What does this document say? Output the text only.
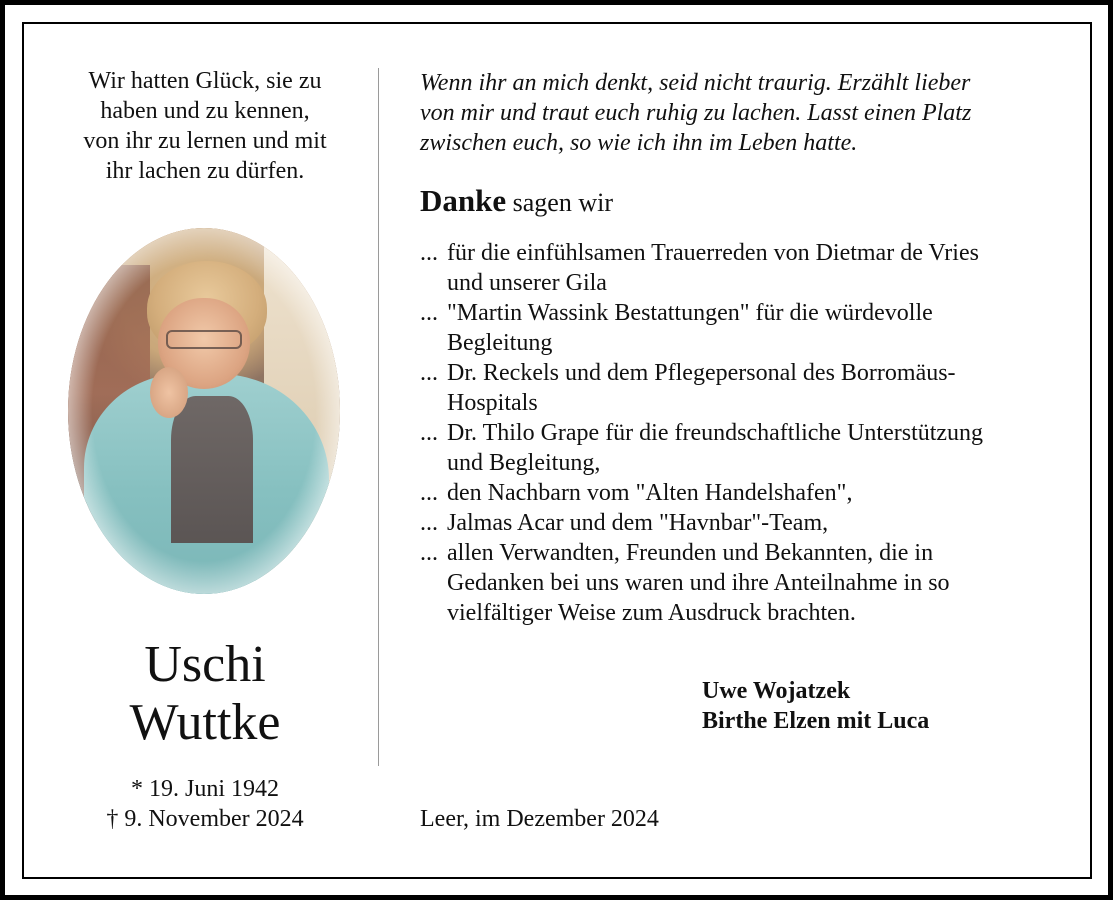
Wir hatten Glück, sie zu
haben und zu kennen,
von ihr zu lernen und mit
ihr lachen zu dürfen.

Uschi
Wuttke
* 19. Juni 1942
† 9. November 2024

Wenn ihr an mich denkt, seid nicht traurig. Erzählt lieber
von mir und traut euch ruhig zu lachen. Lasst einen Platz
zwischen euch, so wie ich ihn im Leben hatte.

Danke sagen wir
... für die einfühlsamen Trauerreden von Dietmar de Vries
und unserer Gila
... "Martin Wassink Bestattungen" für die würdevolle
Begleitung
... Dr. Reckels und dem Pflegepersonal des Borromäus-
Hospitals
... Dr. Thilo Grape für die freundschaftliche Unterstützung
und Begleitung,
... den Nachbarn vom "Alten Handelshafen",
... Jalmas Acar und dem "Havnbar"-Team,
... allen Verwandten, Freunden und Bekannten, die in
Gedanken bei uns waren und ihre Anteilnahme in so
vielfältiger Weise zum Ausdruck brachten.
Uwe Wojatzek
Birthe Elzen mit Luca
Leer, im Dezember 2024
